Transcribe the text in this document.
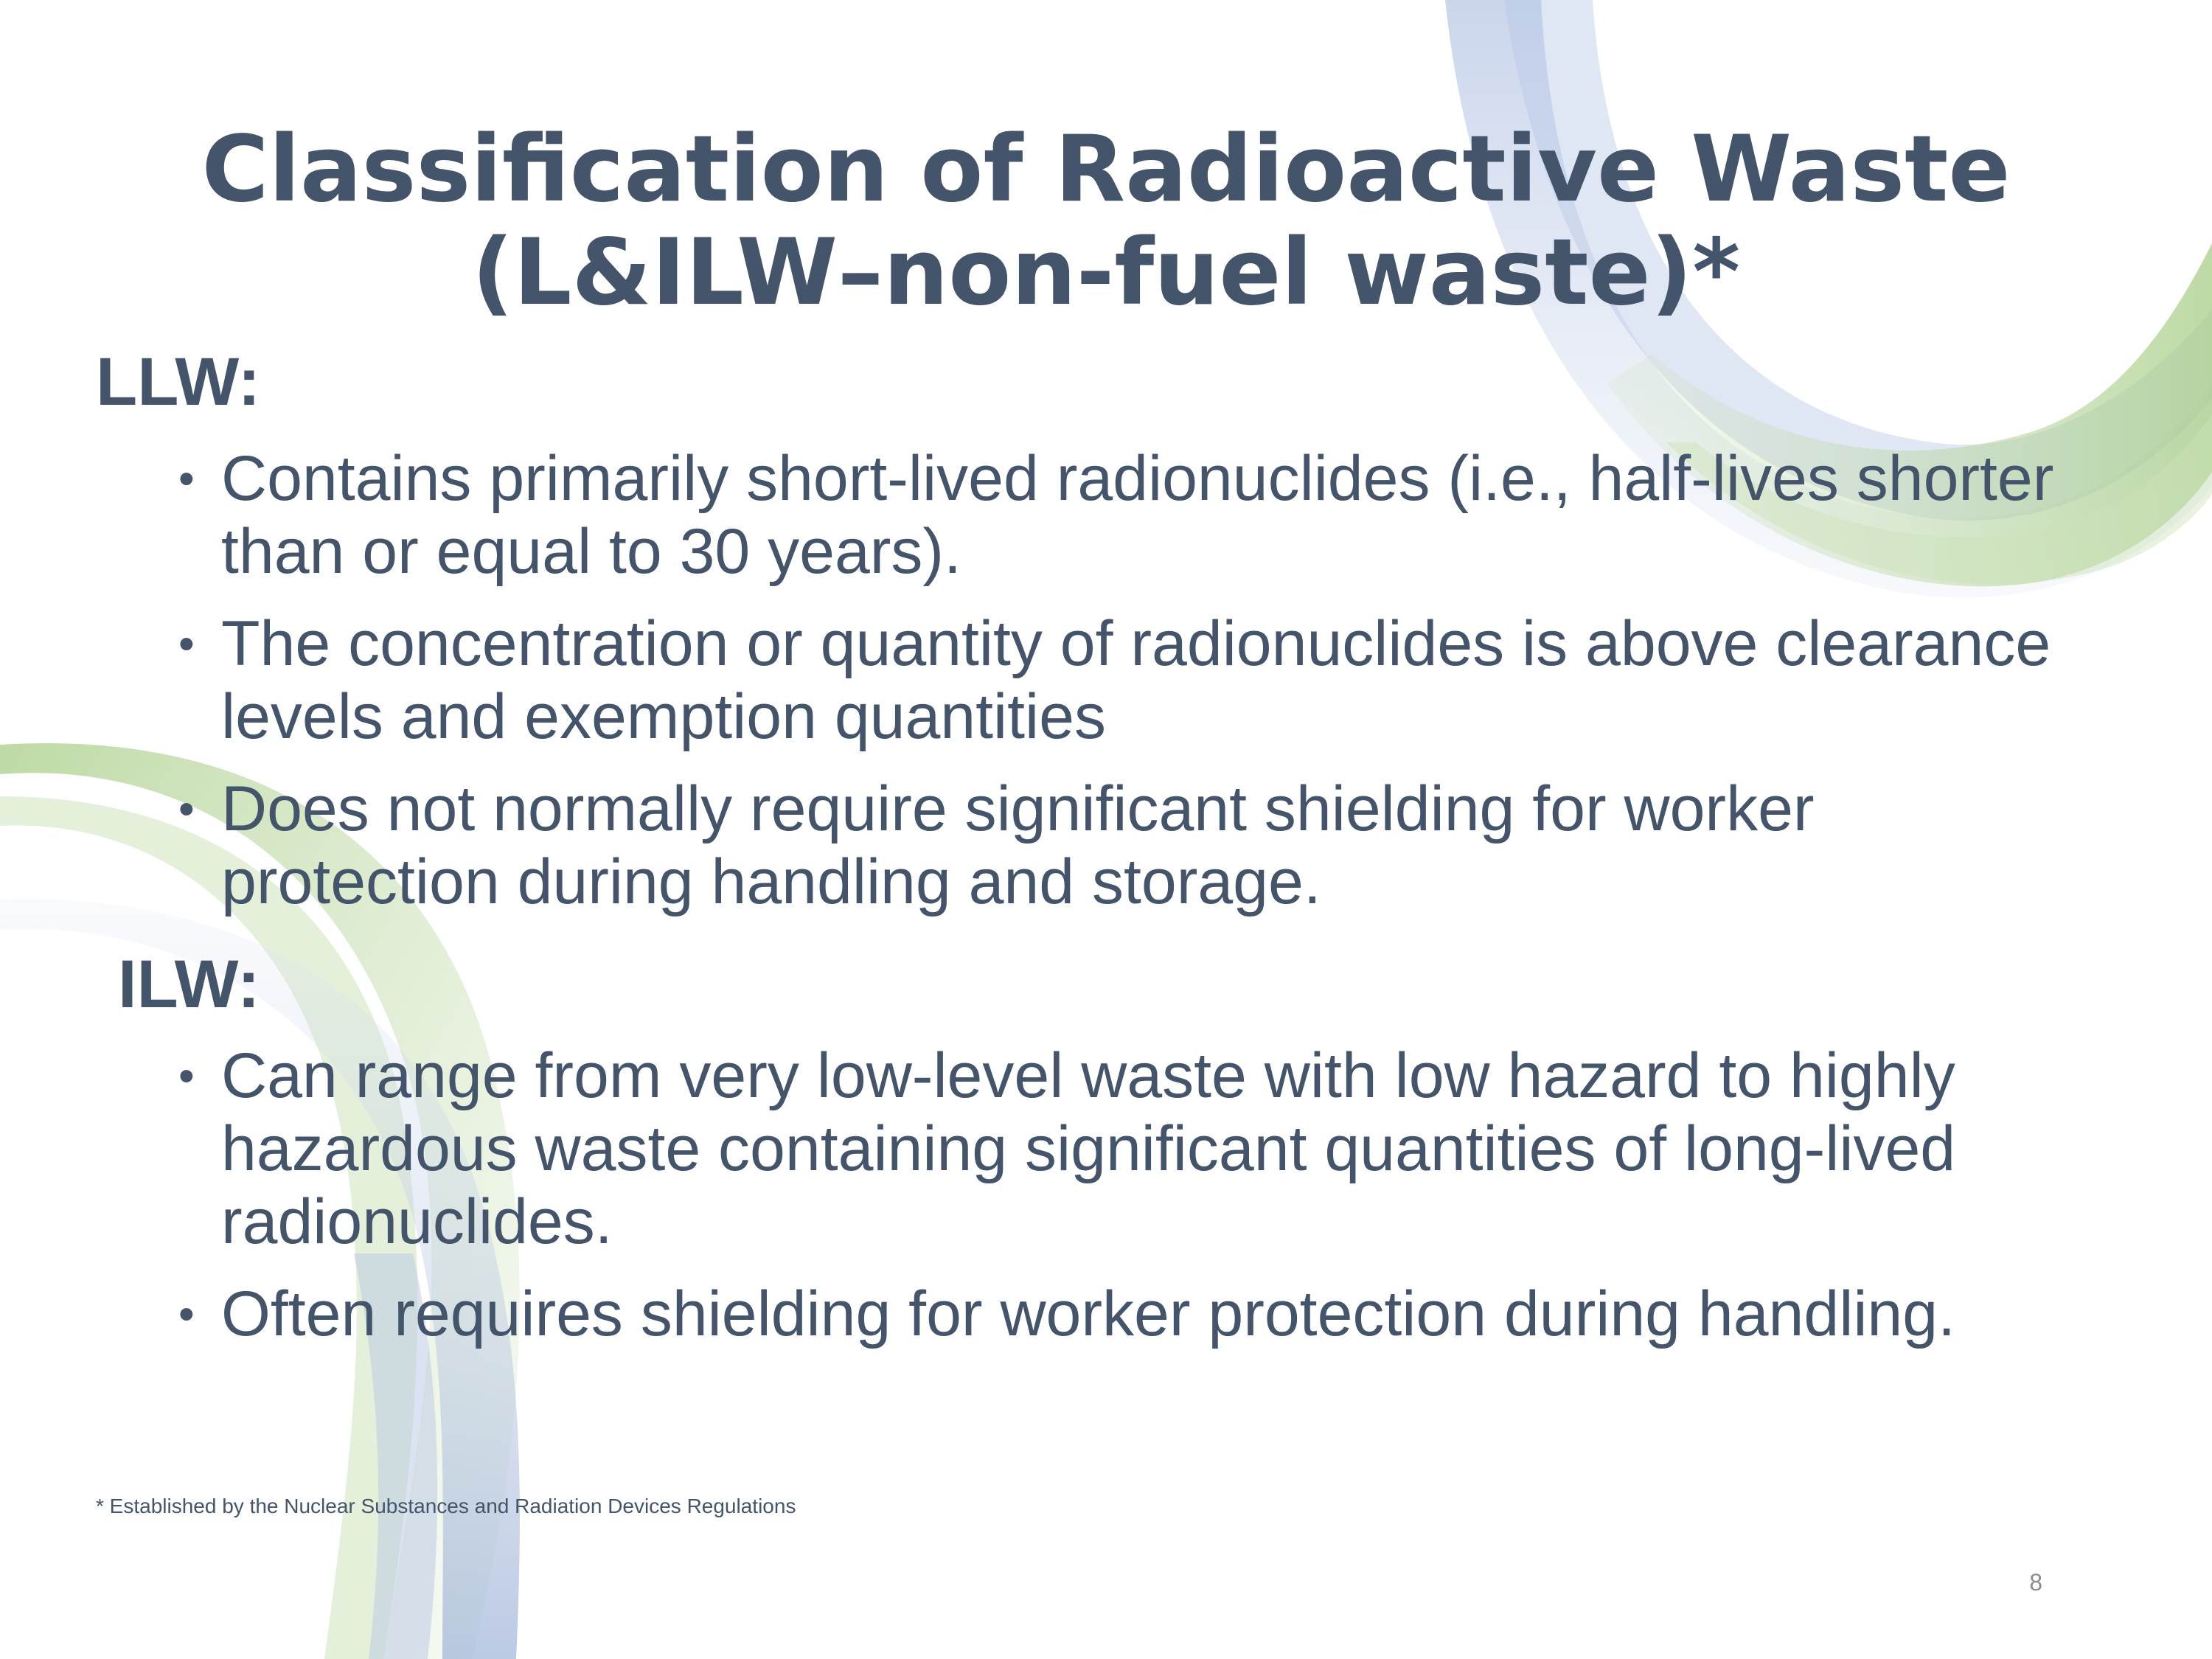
Classification of Radioactive Waste
(L&ILW–non-fuel waste)*
LLW:
• Contains primarily short-lived radionuclides (i.e., half-lives shorter than or equal to 30 years).
• The concentration or quantity of radionuclides is above clearance levels and exemption quantities
• Does not normally require significant shielding for worker protection during handling and storage.
ILW:
• Can range from very low-level waste with low hazard to highly hazardous waste containing significant quantities of long-lived radionuclides.
• Often requires shielding for worker protection during handling.

* Established by the Nuclear Substances and Radiation Devices Regulations

8
